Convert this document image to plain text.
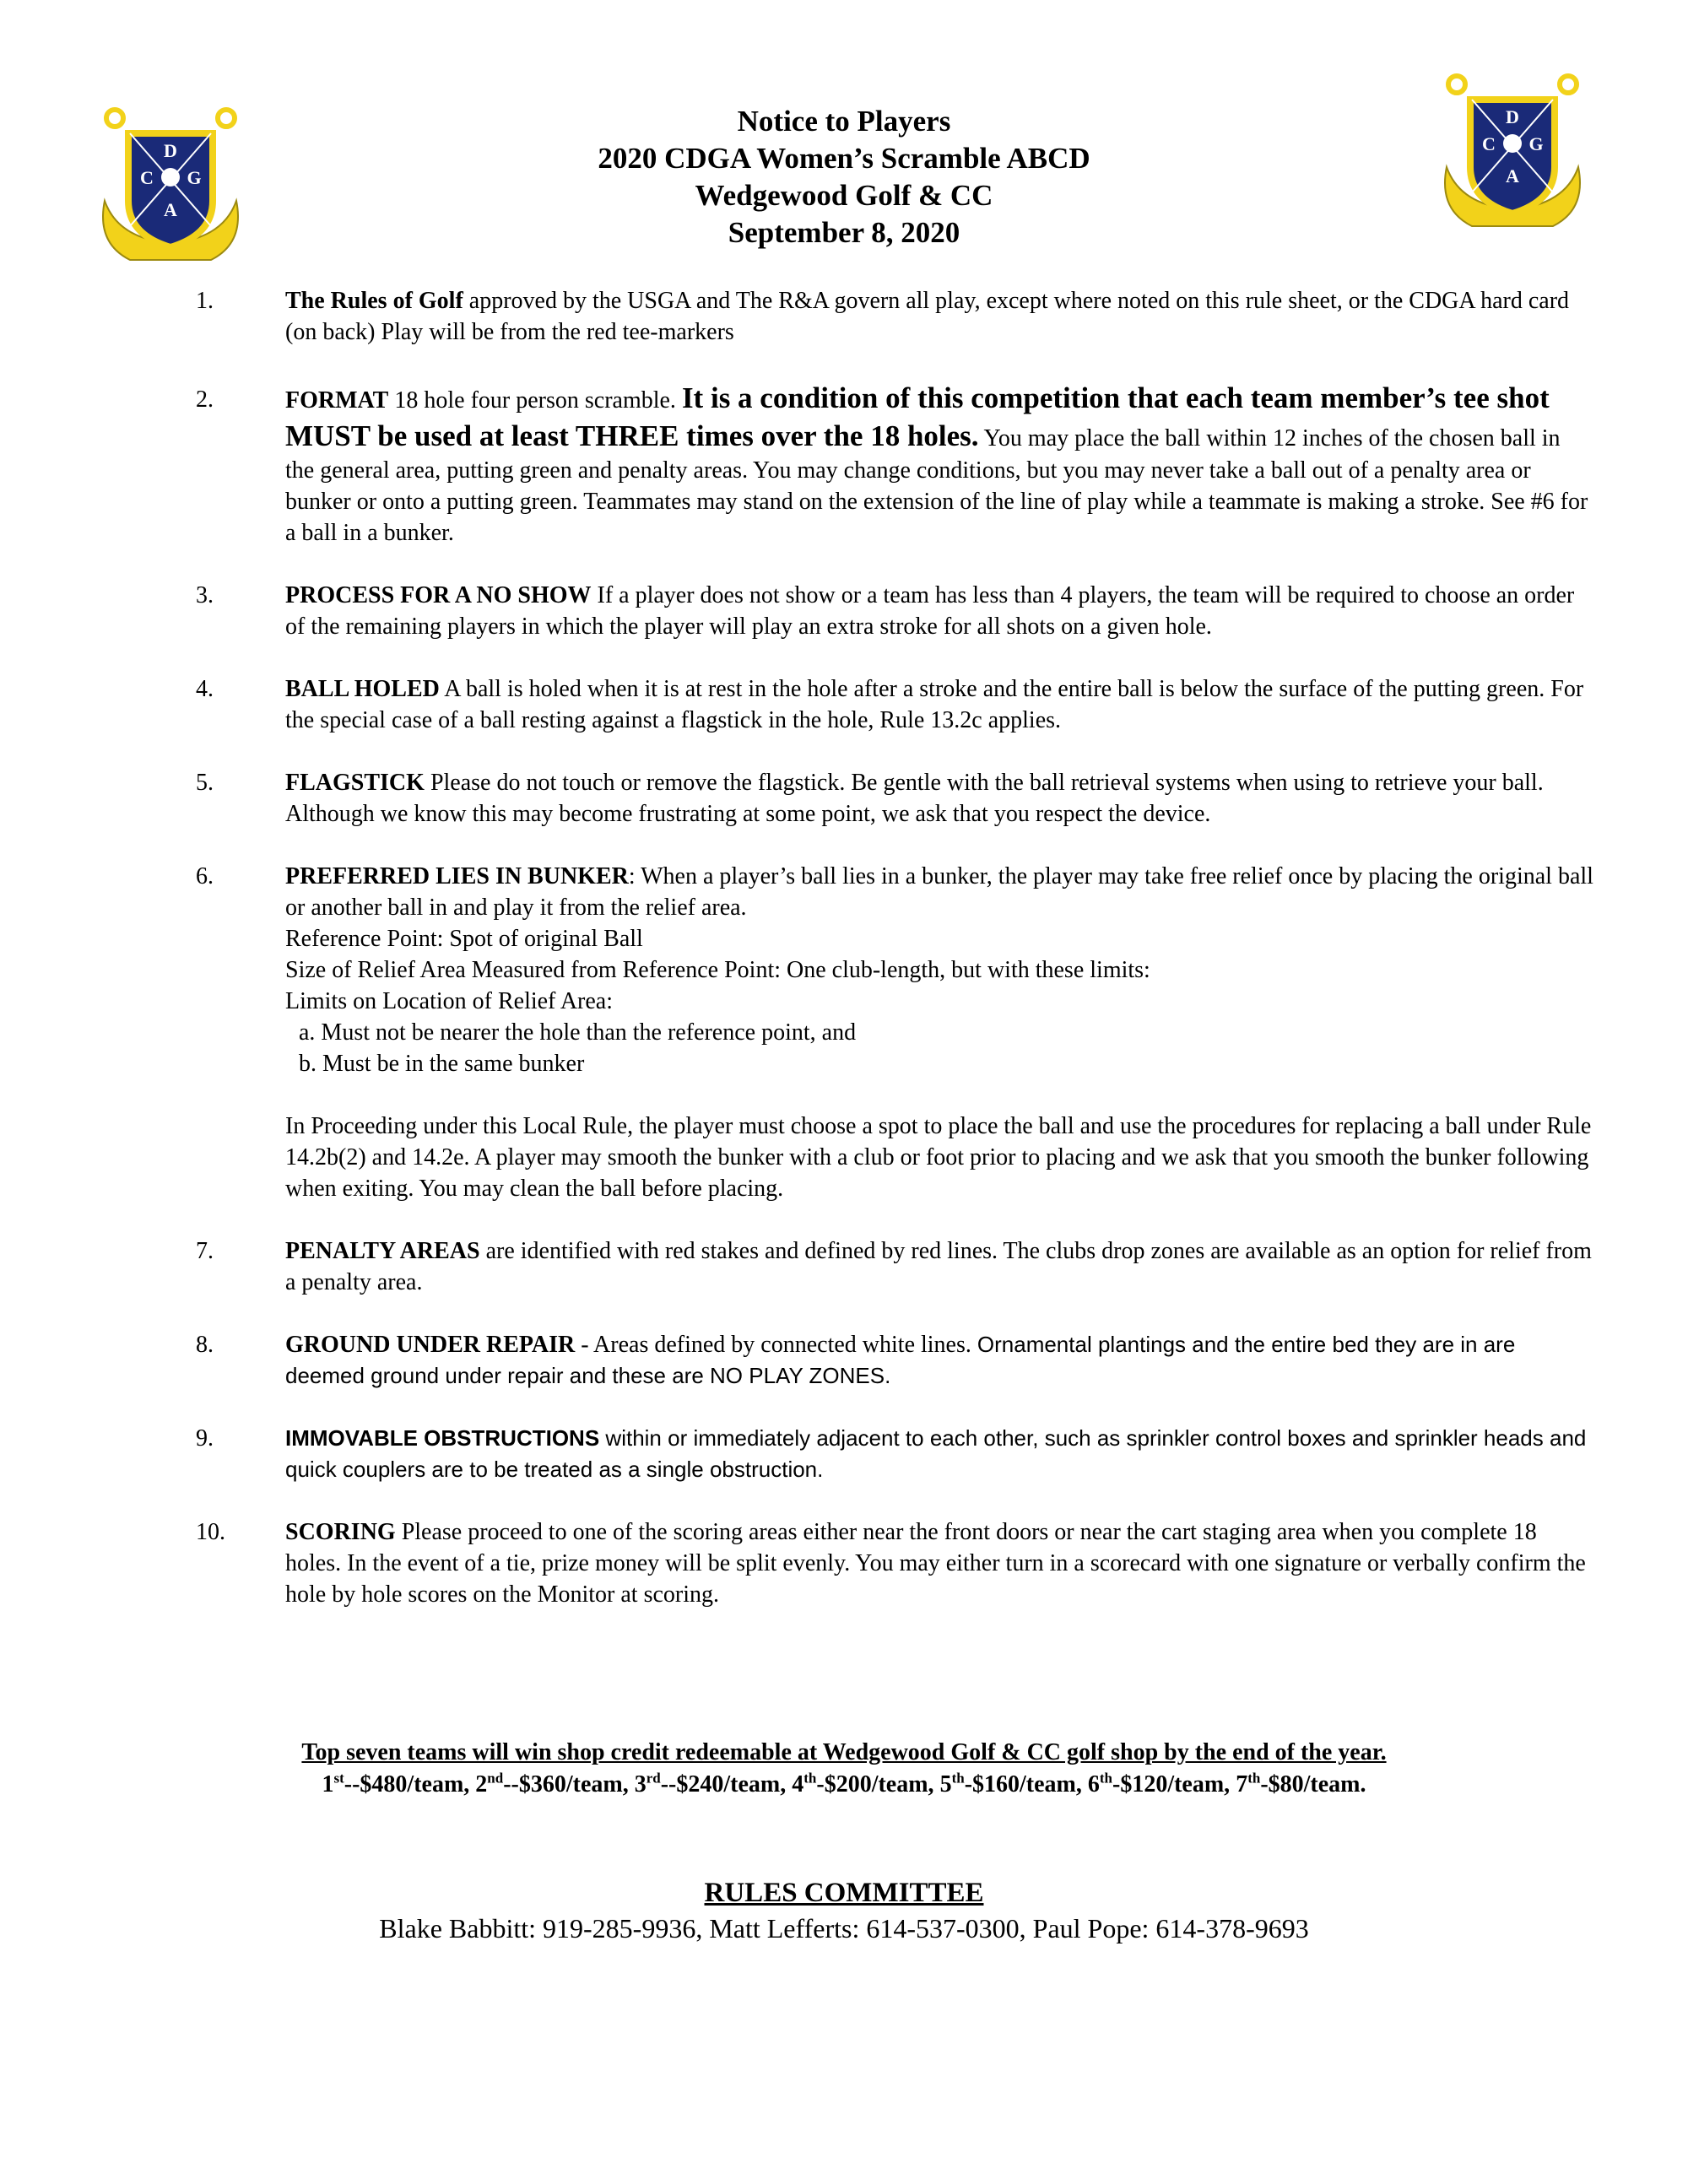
D
C G
A
D
C G
A
Notice to Players
2020 CDGA Women’s Scramble ABCD
Wedgewood Golf & CC
September 8, 2020
1.	The Rules of Golf approved by the USGA and The R&A govern all play, except where noted on this rule sheet, or the CDGA hard card (on back) Play will be from the red tee-markers
2.	FORMAT 18 hole four person scramble. It is a condition of this competition that each team member’s tee shot MUST be used at least THREE times over the 18 holes. You may place the ball within 12 inches of the chosen ball in the general area, putting green and penalty areas. You may change conditions, but you may never take a ball out of a penalty area or bunker or onto a putting green. Teammates may stand on the extension of the line of play while a teammate is making a stroke. See #6 for a ball in a bunker.
3.	PROCESS FOR A NO SHOW If a player does not show or a team has less than 4 players, the team will be required to choose an order of the remaining players in which the player will play an extra stroke for all shots on a given hole.
4.	BALL HOLED A ball is holed when it is at rest in the hole after a stroke and the entire ball is below the surface of the putting green. For the special case of a ball resting against a flagstick in the hole, Rule 13.2c applies.
5.	FLAGSTICK Please do not touch or remove the flagstick. Be gentle with the ball retrieval systems when using to retrieve your ball. Although we know this may become frustrating at some point, we ask that you respect the device.
6.	PREFERRED LIES IN BUNKER: When a player’s ball lies in a bunker, the player may take free relief once by placing the original ball or another ball in and play it from the relief area.
Reference Point: Spot of original Ball
Size of Relief Area Measured from Reference Point: One club-length, but with these limits:
Limits on Location of Relief Area:
a. Must not be nearer the hole than the reference point, and
b. Must be in the same bunker
In Proceeding under this Local Rule, the player must choose a spot to place the ball and use the procedures for replacing a ball under Rule 14.2b(2) and 14.2e. A player may smooth the bunker with a club or foot prior to placing and we ask that you smooth the bunker following when exiting. You may clean the ball before placing.
7.	PENALTY AREAS are identified with red stakes and defined by red lines. The clubs drop zones are available as an option for relief from a penalty area.
8.	GROUND UNDER REPAIR - Areas defined by connected white lines. Ornamental plantings and the entire bed they are in are deemed ground under repair and these are NO PLAY ZONES.
9.	IMMOVABLE OBSTRUCTIONS within or immediately adjacent to each other, such as sprinkler control boxes and sprinkler heads and quick couplers are to be treated as a single obstruction.
10.	SCORING Please proceed to one of the scoring areas either near the front doors or near the cart staging area when you complete 18 holes. In the event of a tie, prize money will be split evenly. You may either turn in a scorecard with one signature or verbally confirm the hole by hole scores on the Monitor at scoring.
Top seven teams will win shop credit redeemable at Wedgewood Golf & CC golf shop by the end of the year.
1st--$480/team, 2nd--$360/team, 3rd--$240/team, 4th-$200/team, 5th-$160/team, 6th-$120/team, 7th-$80/team.
RULES COMMITTEE
Blake Babbitt: 919-285-9936, Matt Lefferts: 614-537-0300, Paul Pope: 614-378-9693
